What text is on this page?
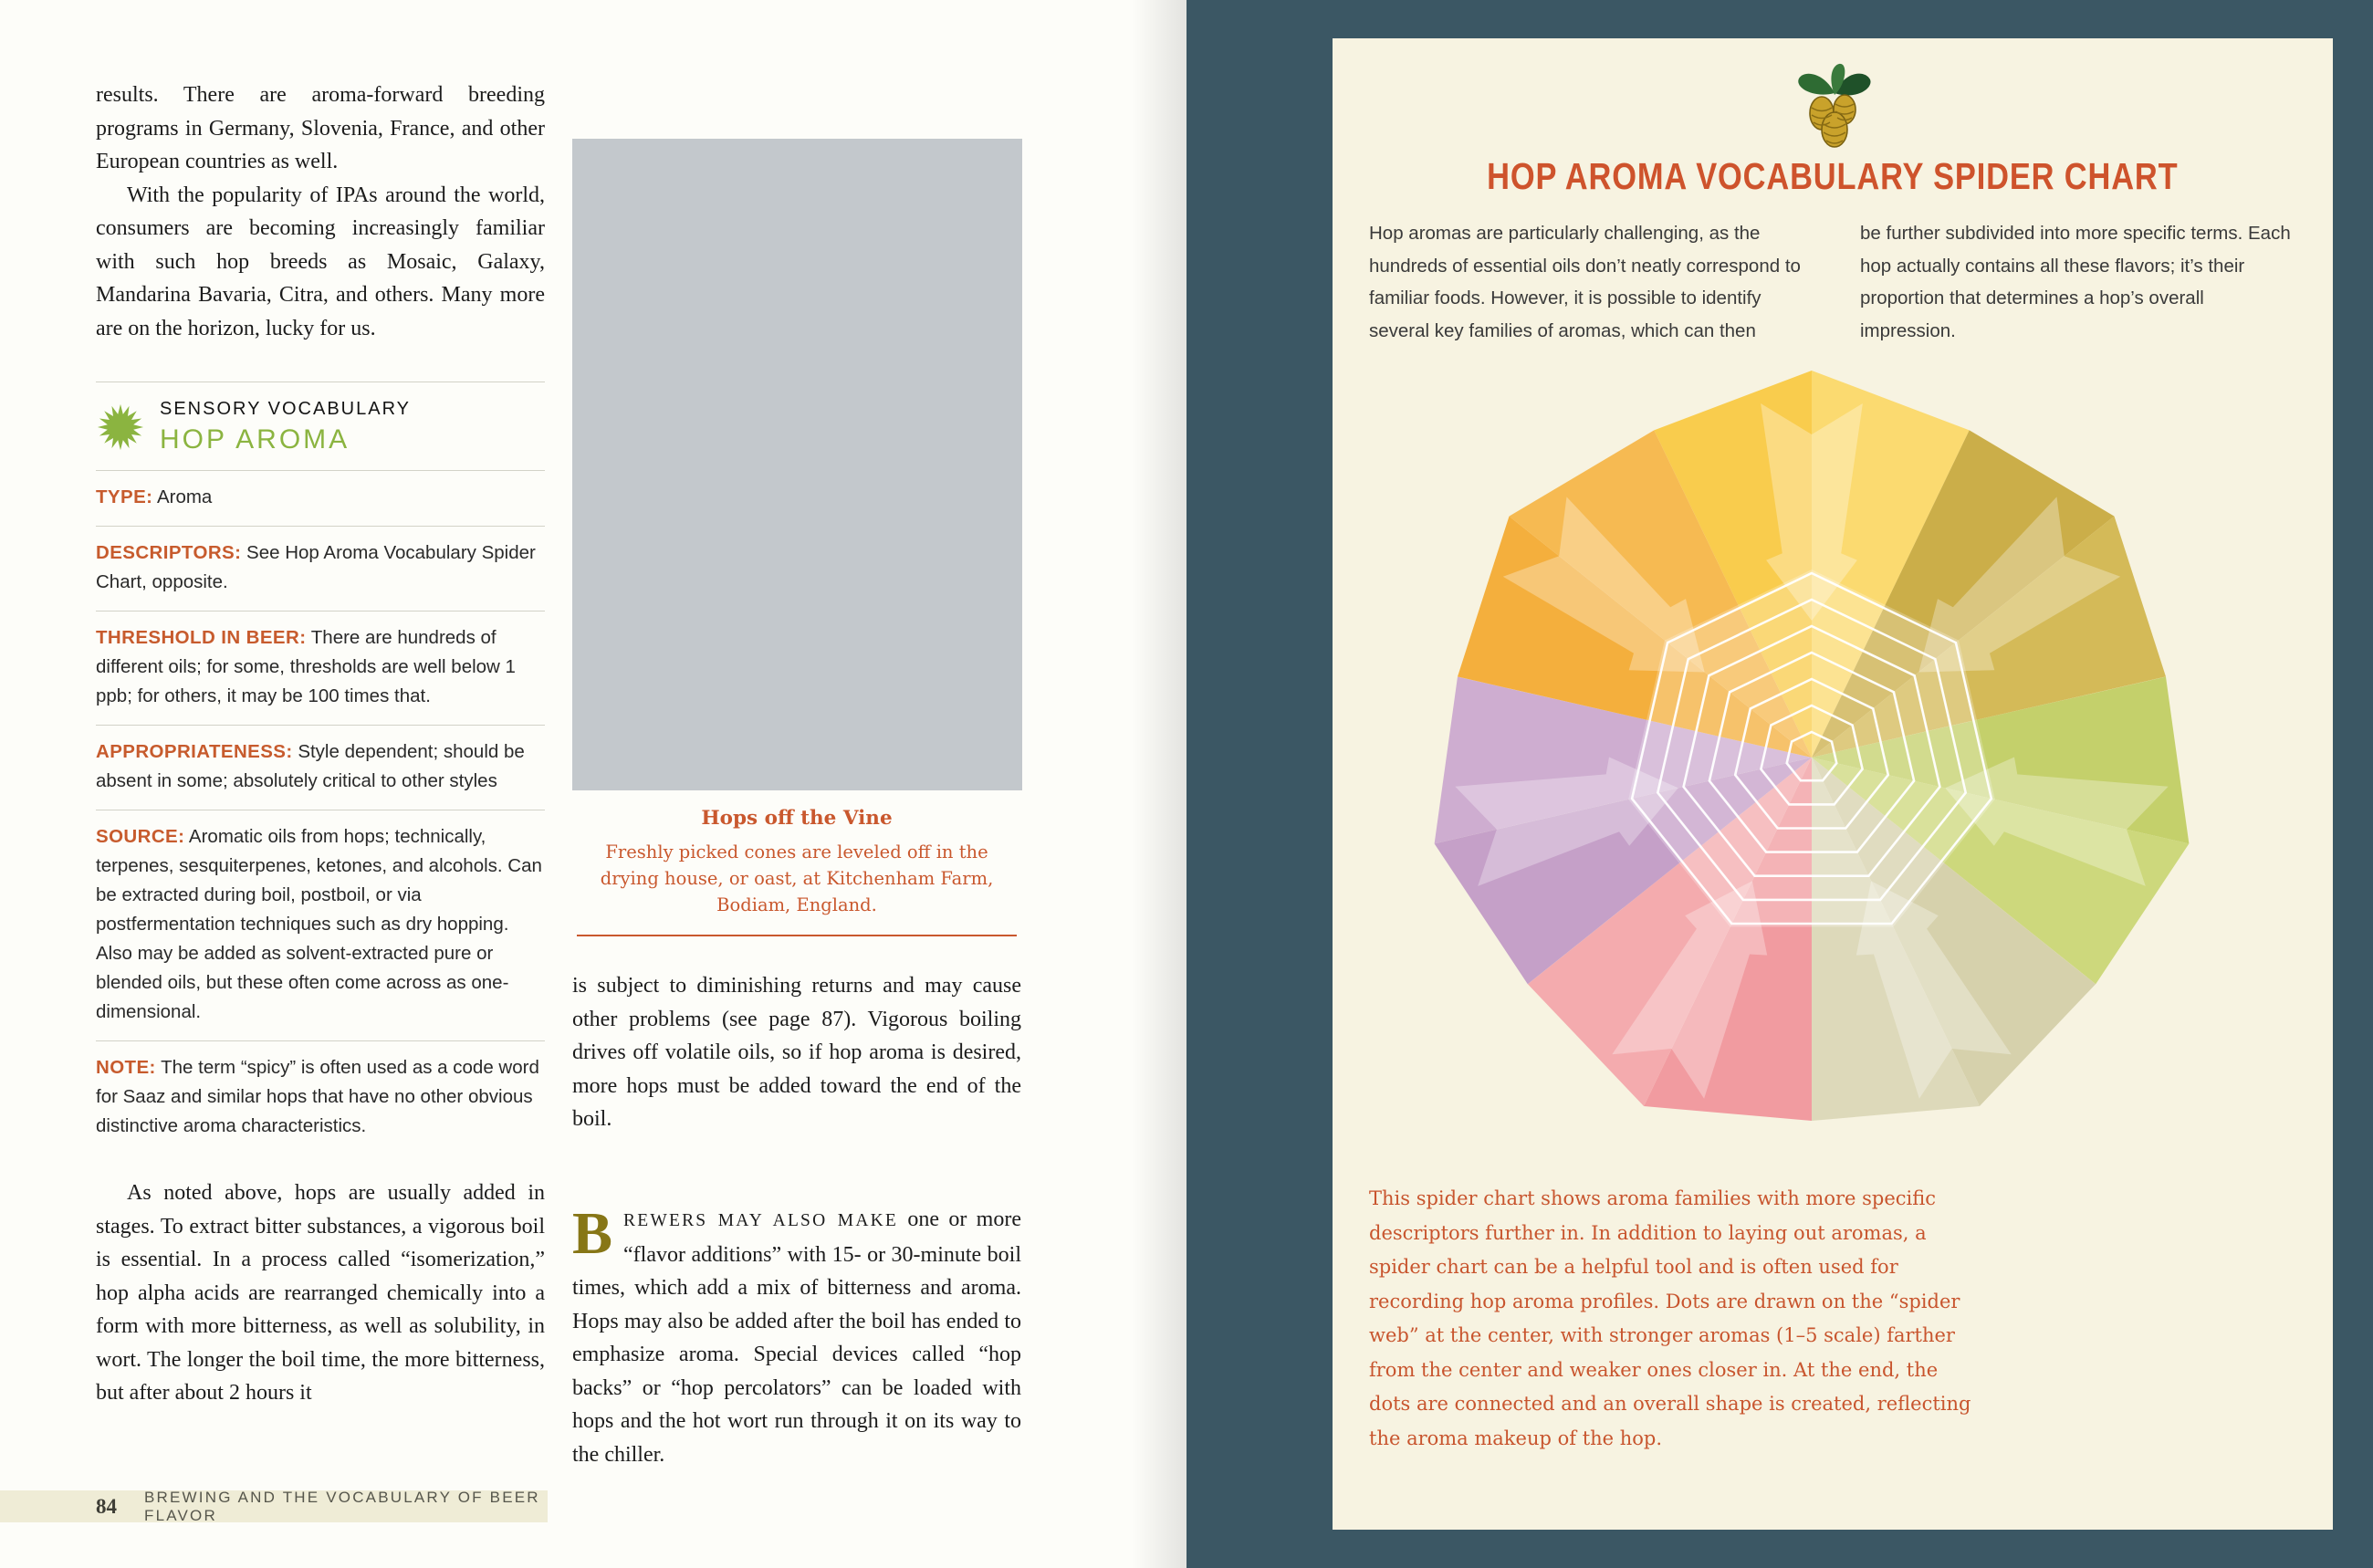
results. There are aroma-forward breeding programs in Germany, Slovenia, France, and other European countries as well.

With the popularity of IPAs around the world, consumers are becoming increasingly familiar with such hop breeds as Mosaic, Galaxy, Mandarina Bavaria, Citra, and others. Many more are on the horizon, lucky for us.

SENSORY VOCABULARY
HOP AROMA
TYPE: Aroma
DESCRIPTORS: See Hop Aroma Vocabulary Spider Chart, opposite.
THRESHOLD IN BEER: There are hundreds of different oils; for some, thresholds are well below 1 ppb; for others, it may be 100 times that.
APPROPRIATENESS: Style dependent; should be absent in some; absolutely critical to other styles
SOURCE: Aromatic oils from hops; technically, terpenes, sesquiterpenes, ketones, and alcohols. Can be extracted during boil, postboil, or via postfermentation techniques such as dry hopping. Also may be added as solvent-extracted pure or blended oils, but these often come across as one-dimensional.
NOTE: The term “spicy” is often used as a code word for Saaz and similar hops that have no other obvious distinctive aroma characteristics.

As noted above, hops are usually added in stages. To extract bitter substances, a vigorous boil is essential. In a process called “isomerization,” hop alpha acids are rearranged chemically into a form with more bitterness, as well as solubility, in wort. The longer the boil time, the more bitterness, but after about 2 hours it

Hops off the Vine
Freshly picked cones are leveled off in the drying house, or oast, at Kitchenham Farm, Bodiam, England.

is subject to diminishing returns and may cause other problems (see page 87). Vigorous boiling drives off volatile oils, so if hop aroma is desired, more hops must be added toward the end of the boil.

BREWERS MAY ALSO MAKE one or more “flavor additions” with 15- or 30-minute boil times, which add a mix of bitterness and aroma. Hops may also be added after the boil has ended to emphasize aroma. Special devices called “hop backs” or “hop percolators” can be loaded with hops and the hot wort run through it on its way to the chiller.

84 BREWING AND THE VOCABULARY OF BEER FLAVOR
HOP AROMA VOCABULARY SPIDER CHART
Hop aromas are particularly challenging, as the hundreds of essential oils don’t neatly correspond to familiar foods. However, it is possible to identify several key families of aromas, which can then
be further subdivided into more specific terms. Each hop actually contains all these flavors; it’s their proportion that determines a hop’s overall impression.
This spider chart shows aroma families with more specific descriptors further in. In addition to laying out aromas, a spider chart can be a helpful tool and is often used for recording hop aroma profiles. Dots are drawn on the “spider web” at the center, with stronger aromas (1–5 scale) farther from the center and weaker ones closer in. At the end, the dots are connected and an overall shape is created, reflecting the aroma makeup of the hop.
